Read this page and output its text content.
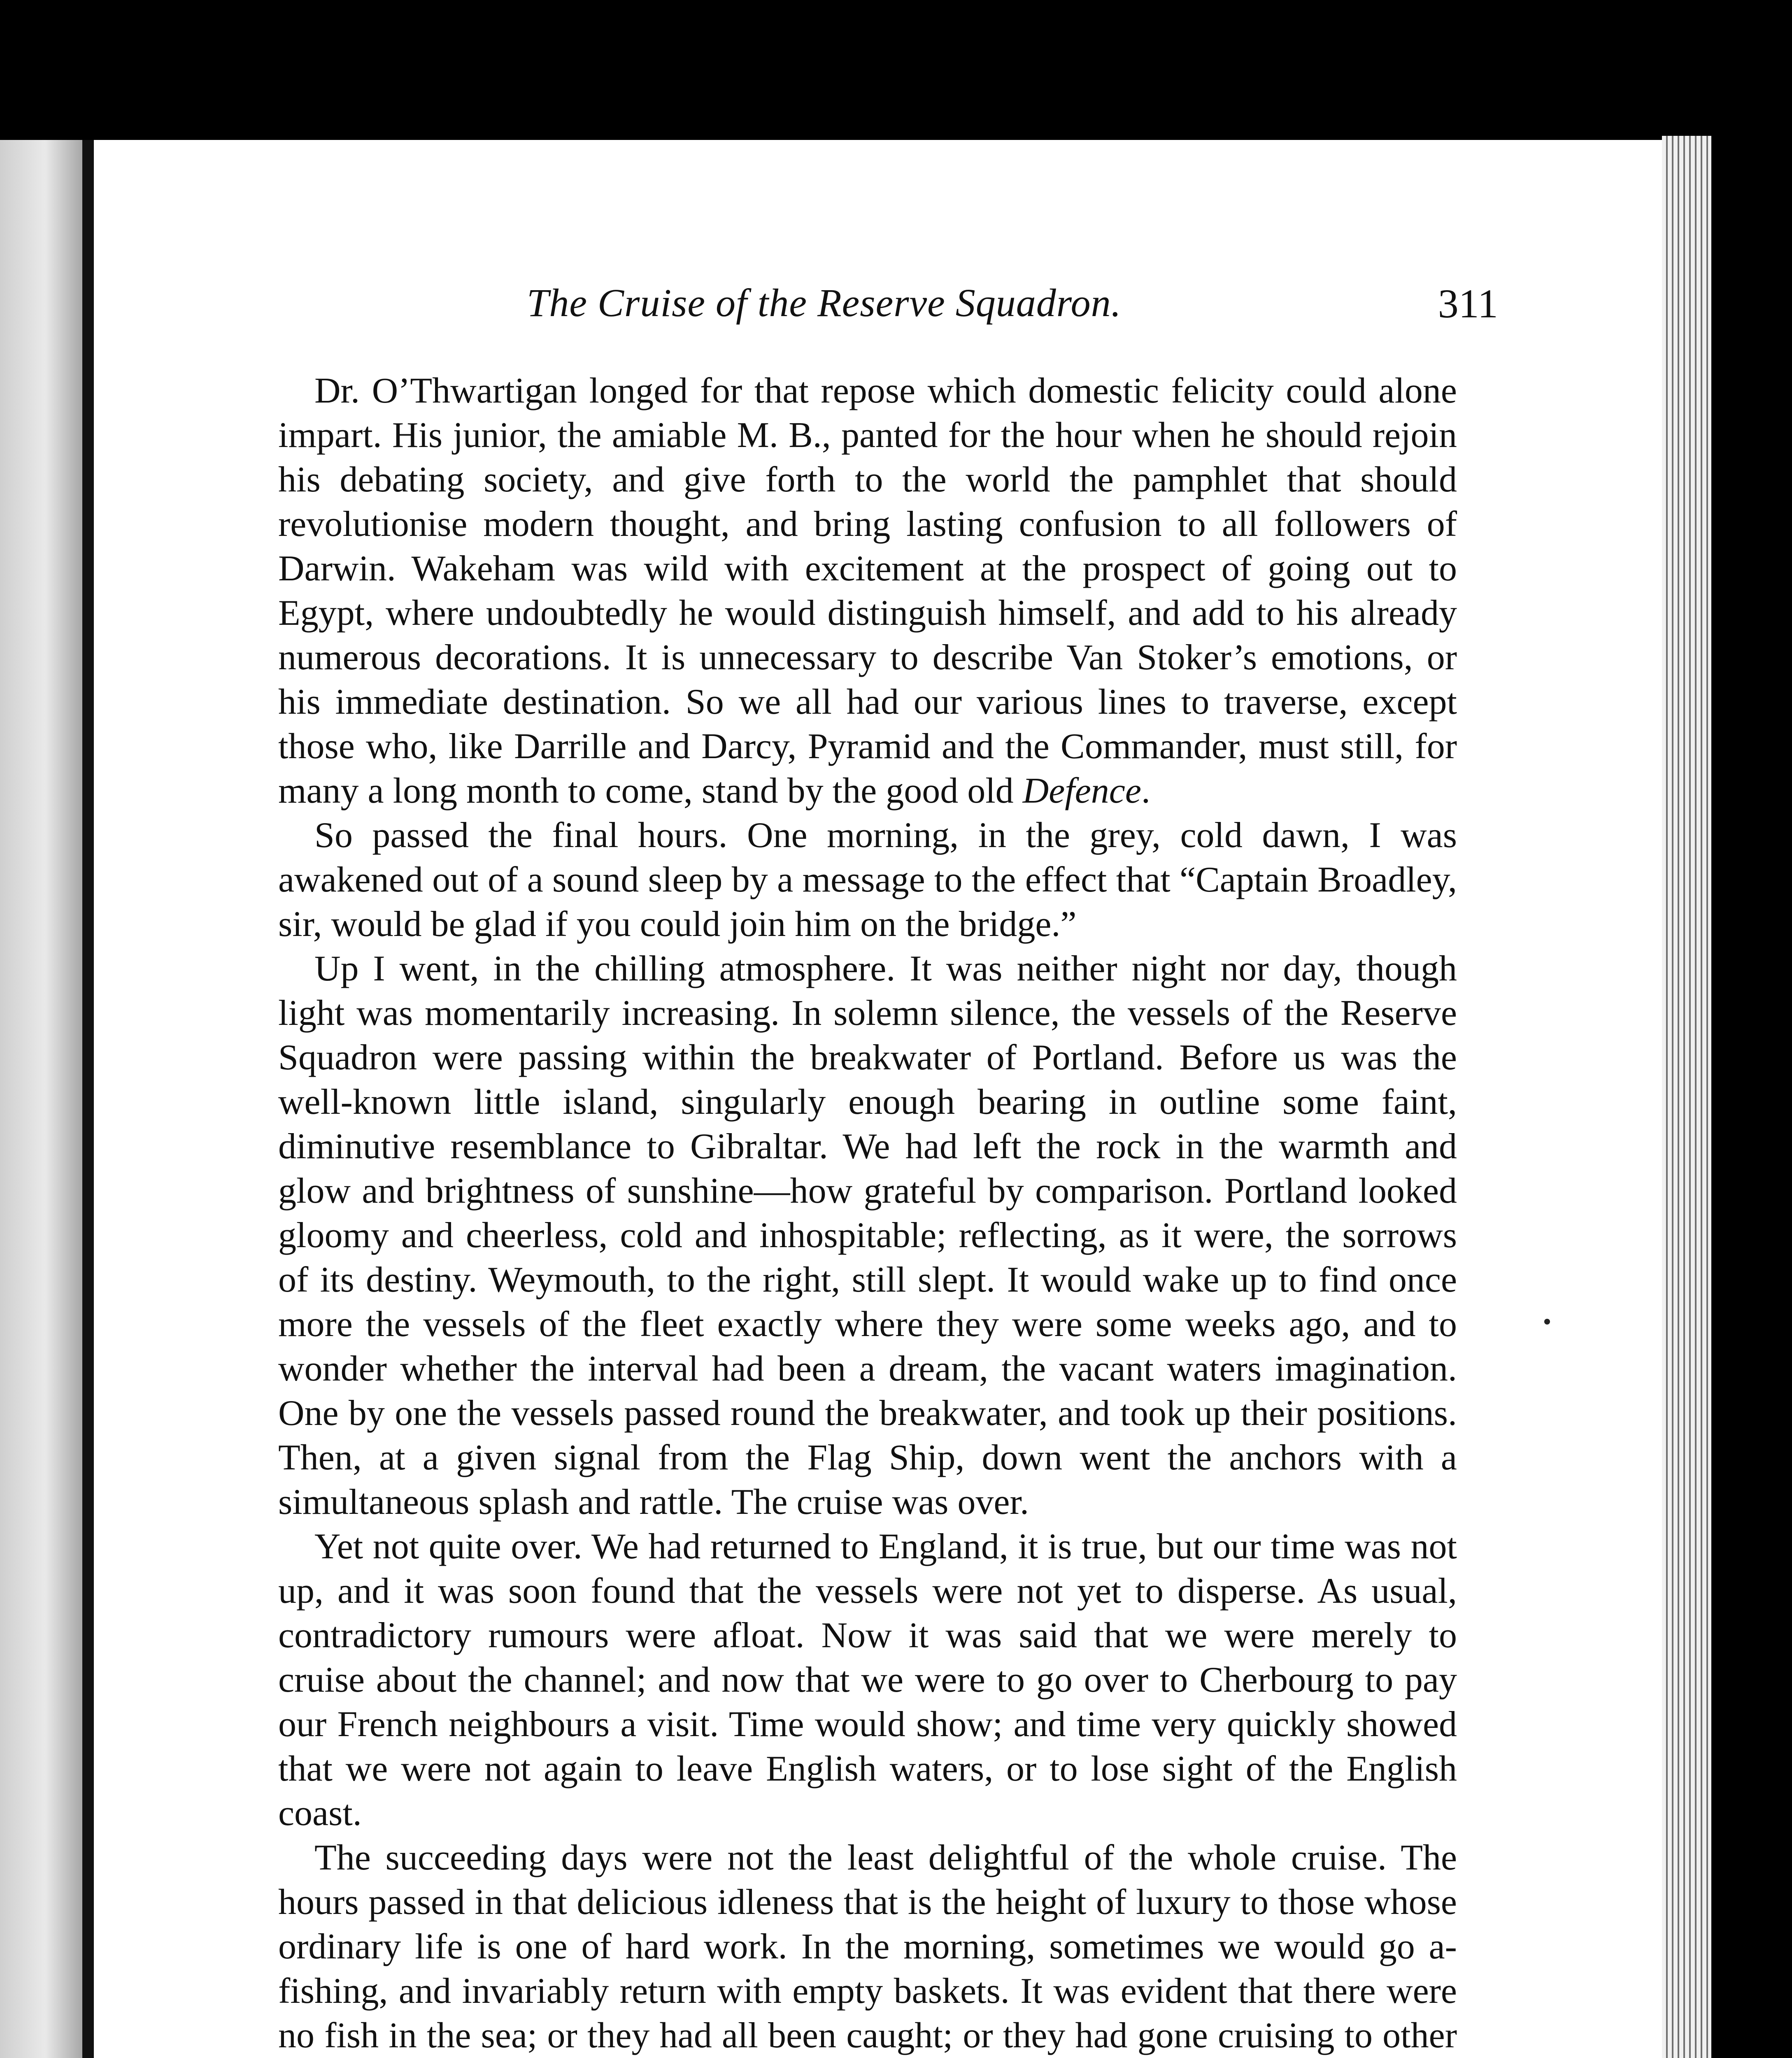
The Cruise of the Reserve Squadron.	311

Dr. O’Thwartigan longed for that repose which domestic felicity could alone impart. His junior, the amiable M. B., panted for the hour when he should rejoin his debating society, and give forth to the world the pamphlet that should revolutionise modern thought, and bring lasting confusion to all followers of Darwin. Wakeham was wild with excitement at the prospect of going out to Egypt, where undoubtedly he would distinguish himself, and add to his already numerous decorations. It is unnecessary to describe Van Stoker’s emotions, or his immediate destination. So we all had our various lines to traverse, except those who, like Darrille and Darcy, Pyramid and the Commander, must still, for many a long month to come, stand by the good old Defence.

So passed the final hours. One morning, in the grey, cold dawn, I was awakened out of a sound sleep by a message to the effect that “Captain Broadley, sir, would be glad if you could join him on the bridge.”

Up I went, in the chilling atmosphere. It was neither night nor day, though light was momentarily increasing. In solemn silence, the vessels of the Reserve Squadron were passing within the breakwater of Portland. Before us was the well-known little island, singularly enough bearing in outline some faint, diminutive resemblance to Gibraltar. We had left the rock in the warmth and glow and brightness of sunshine—how grateful by comparison. Portland looked gloomy and cheerless, cold and inhospitable; reflecting, as it were, the sorrows of its destiny. Weymouth, to the right, still slept. It would wake up to find once more the vessels of the fleet exactly where they were some weeks ago, and to wonder whether the interval had been a dream, the vacant waters imagination. One by one the vessels passed round the breakwater, and took up their positions. Then, at a given signal from the Flag Ship, down went the anchors with a simultaneous splash and rattle. The cruise was over.

Yet not quite over. We had returned to England, it is true, but our time was not up, and it was soon found that the vessels were not yet to disperse. As usual, contradictory rumours were afloat. Now it was said that we were merely to cruise about the channel; and now that we were to go over to Cherbourg to pay our French neighbours a visit. Time would show; and time very quickly showed that we were not again to leave English waters, or to lose sight of the English coast.

The succeeding days were not the least delightful of the whole cruise. The hours passed in that delicious idleness that is the height of luxury to those whose ordinary life is one of hard work. In the morning, sometimes we would go a-fishing, and invariably return with empty baskets. It was evident that there were no fish in the sea; or they had all been caught; or they had gone cruising to other
